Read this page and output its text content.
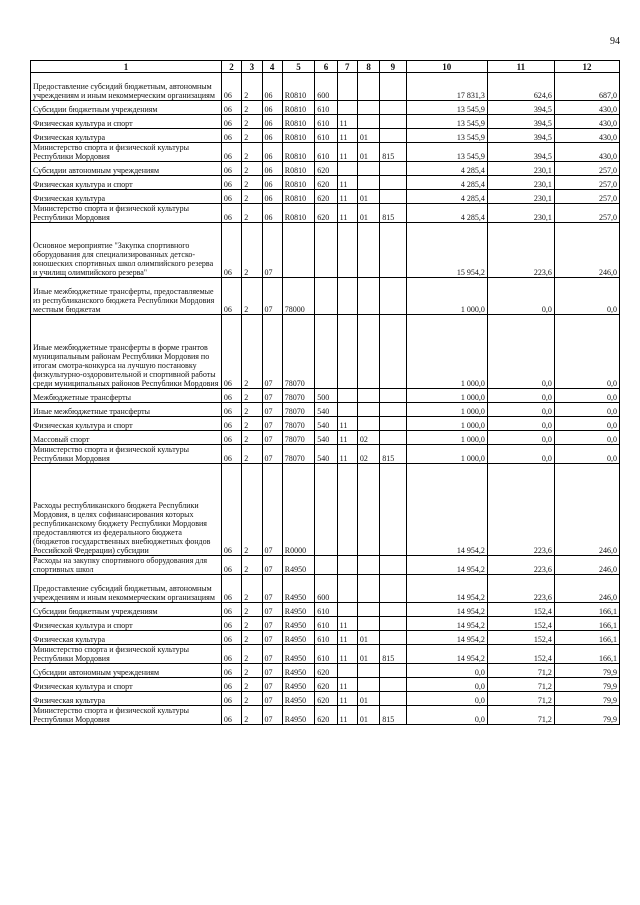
94
1	2	3	4	5	6	7	8	9	10	11	12
Предоставление субсидий бюджетным, автономным учреждениям и иным некоммерческим организациям	06	2	06	R0810	600				17 831,3	624,6	687,0
Субсидии бюджетным учреждениям	06	2	06	R0810	610				13 545,9	394,5	430,0
Физическая культура и спорт	06	2	06	R0810	610	11			13 545,9	394,5	430,0
Физическая культура	06	2	06	R0810	610	11	01		13 545,9	394,5	430,0
Министерство спорта и физической культуры Республики Мордовия	06	2	06	R0810	610	11	01	815	13 545,9	394,5	430,0
Субсидии автономным учреждениям	06	2	06	R0810	620				4 285,4	230,1	257,0
Физическая культура и спорт	06	2	06	R0810	620	11			4 285,4	230,1	257,0
Физическая культура	06	2	06	R0810	620	11	01		4 285,4	230,1	257,0
Министерство спорта и физической культуры Республики Мордовия	06	2	06	R0810	620	11	01	815	4 285,4	230,1	257,0
Основное мероприятие "Закупка спортивного оборудования для специализированных детско-юношеских спортивных школ олимпийского резерва и училищ олимпийского резерва"	06	2	07						15 954,2	223,6	246,0
Иные межбюджетные трансферты, предоставляемые из республиканского бюджета Республики Мордовия местным бюджетам	06	2	07	78000					1 000,0	0,0	0,0
Иные межбюджетные трансферты в форме грантов муниципальным районам Республики Мордовия по итогам смотра-конкурса на лучшую постановку физкультурно-оздоровительной и спортивной работы среди муниципальных районов Республики Мордовия	06	2	07	78070					1 000,0	0,0	0,0
Межбюджетные трансферты	06	2	07	78070	500				1 000,0	0,0	0,0
Иные межбюджетные трансферты	06	2	07	78070	540				1 000,0	0,0	0,0
Физическая культура и спорт	06	2	07	78070	540	11			1 000,0	0,0	0,0
Массовый спорт	06	2	07	78070	540	11	02		1 000,0	0,0	0,0
Министерство спорта и физической культуры Республики Мордовия	06	2	07	78070	540	11	02	815	1 000,0	0,0	0,0
Расходы республиканского бюджета Республики Мордовия, в целях софинансирования которых республиканскому бюджету Республики Мордовия предоставляются из федерального бюджета (бюджетов государственных внебюджетных фондов Российской Федерации) субсидии	06	2	07	R0000					14 954,2	223,6	246,0
Расходы на закупку спортивного оборудования для спортивных школ	06	2	07	R4950					14 954,2	223,6	246,0
Предоставление субсидий бюджетным, автономным учреждениям и иным некоммерческим организациям	06	2	07	R4950	600				14 954,2	223,6	246,0
Субсидии бюджетным учреждениям	06	2	07	R4950	610				14 954,2	152,4	166,1
Физическая культура и спорт	06	2	07	R4950	610	11			14 954,2	152,4	166,1
Физическая культура	06	2	07	R4950	610	11	01		14 954,2	152,4	166,1
Министерство спорта и физической культуры Республики Мордовия	06	2	07	R4950	610	11	01	815	14 954,2	152,4	166,1
Субсидии автономным учреждениям	06	2	07	R4950	620				0,0	71,2	79,9
Физическая культура и спорт	06	2	07	R4950	620	11			0,0	71,2	79,9
Физическая культура	06	2	07	R4950	620	11	01		0,0	71,2	79,9
Министерство спорта и физической культуры Республики Мордовия	06	2	07	R4950	620	11	01	815	0,0	71,2	79,9
